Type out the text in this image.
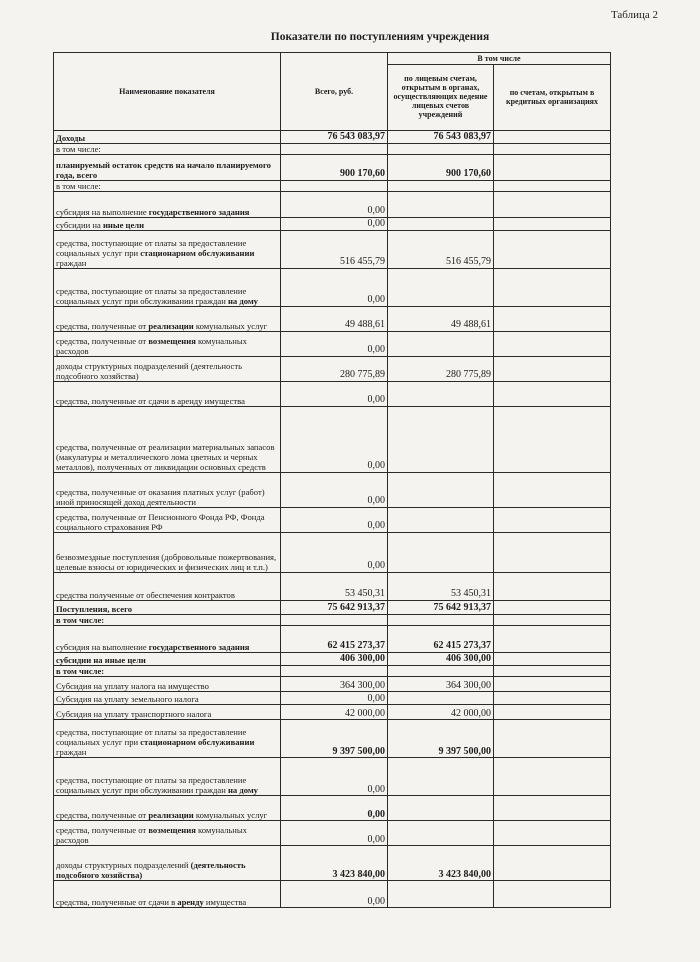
Таблица 2
Показатели по поступлениям учреждения
Наименование показателя	Всего, руб.	В том числе	
		по лицевым счетам, открытым в органах, осуществляющих ведение лицевых счетов учреждений	по счетам, открытым в кредитных организациях
Доходы	76 543 083,97	76 543 083,97	
в том числе:			
планируемый остаток средств на начало планируемого года, всего	900 170,60	900 170,60	
в том числе:			
субсидия на выполнение государственного задания	0,00		
субсидии на иные цели	0,00		
средства, поступающие от платы за предоставление социальных услуг при стационарном обслуживании граждан	516 455,79	516 455,79	
средства, поступающие от платы за предоставление социальных услуг при обслуживании граждан на дому	0,00		
средства, полученные от реализации комунальных услуг	49 488,61	49 488,61	
средства, полученные от возмещения комунальных расходов	0,00		
доходы структурных подразделений (деятельность подсобного хозяйства)	280 775,89	280 775,89	
средства, полученные от сдачи в аренду имущества	0,00		
средства, полученные от реализации материальных запасов (макулатуры и металлического лома цветных и черных металлов), полученных от ликвидации основных средств	0,00		
средства, полученные от оказания платных услуг (работ) иной приносящей доход деятельности	0,00		
средства, полученные от Пенсионного Фонда РФ, Фонда социального страхования РФ	0,00		
безвозмездные поступления (добровольные пожертвования, целевые взносы от юридических и физических лиц и т.п.)	0,00		
средства полученные от обеспечения контрактов	53 450,31	53 450,31	
Поступления, всего	75 642 913,37	75 642 913,37	
в том числе:			
субсидия на выполнение государственного задания	62 415 273,37	62 415 273,37	
субсидии на иные цели	406 300,00	406 300,00	
в том числе:			
Субсидия на уплату налога на имущество	364 300,00	364 300,00	
Субсидия на уплату земельного налога	0,00		
Субсидия на уплату транспортного налога	42 000,00	42 000,00	
средства, поступающие от платы за предоставление социальных услуг при стационарном обслуживании граждан	9 397 500,00	9 397 500,00	
средства, поступающие от платы за предоставление социальных услуг при обслуживании граждан на дому	0,00		
средства, полученные от реализации комунальных услуг	0,00		
средства, полученные от возмещения комунальных расходов	0,00		
доходы структурных подразделений (деятельность подсобного хозяйства)	3 423 840,00	3 423 840,00	
средства, полученные от сдачи в аренду имущества	0,00		
